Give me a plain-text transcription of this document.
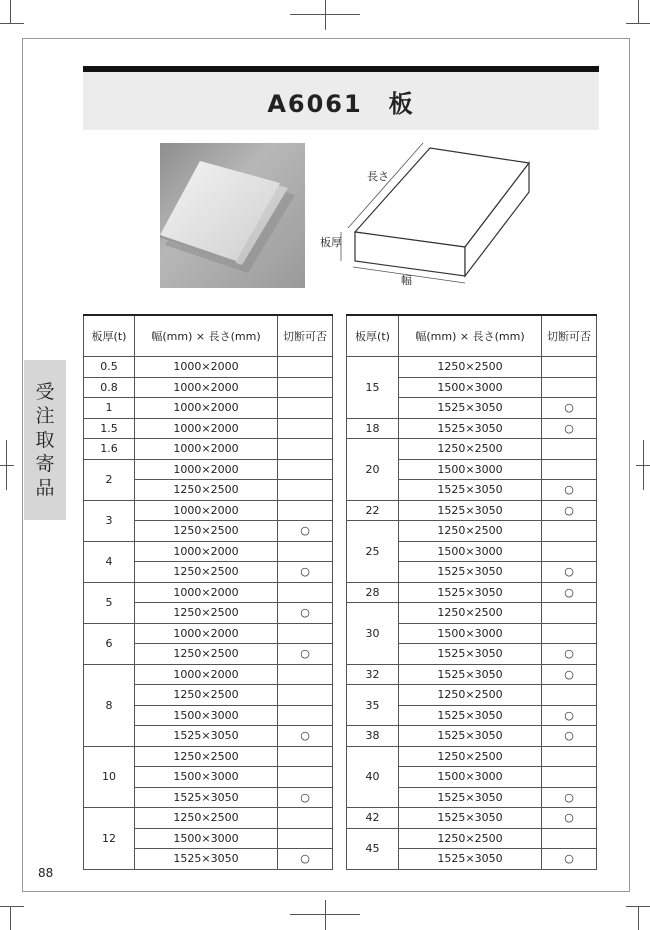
A6061　板
長さ
板厚
幅
受
注
取
寄
品
板厚(t)	幅(mm) × 長さ(mm)	切断可否
0.5	1000×2000	
0.8	1000×2000	
1	1000×2000	
1.5	1000×2000	
1.6	1000×2000	
2	1000×2000	
	1250×2500	
3	1000×2000	
	1250×2500	○
4	1000×2000	
	1250×2500	○
5	1000×2000	
	1250×2500	○
6	1000×2000	
	1250×2500	○
8	1000×2000	
	1250×2500	
	1500×3000	
	1525×3050	○
10	1250×2500	
	1500×3000	
	1525×3050	○
12	1250×2500	
	1500×3000	
	1525×3050	○
板厚(t)	幅(mm) × 長さ(mm)	切断可否
15	1250×2500	
	1500×3000	
	1525×3050	○
18	1525×3050	○
20	1250×2500	
	1500×3000	
	1525×3050	○
22	1525×3050	○
25	1250×2500	
	1500×3000	
	1525×3050	○
28	1525×3050	○
30	1250×2500	
	1500×3000	
	1525×3050	○
32	1525×3050	○
35	1250×2500	
	1525×3050	○
38	1525×3050	○
40	1250×2500	
	1500×3000	
	1525×3050	○
42	1525×3050	○
45	1250×2500	
	1525×3050	○
88
